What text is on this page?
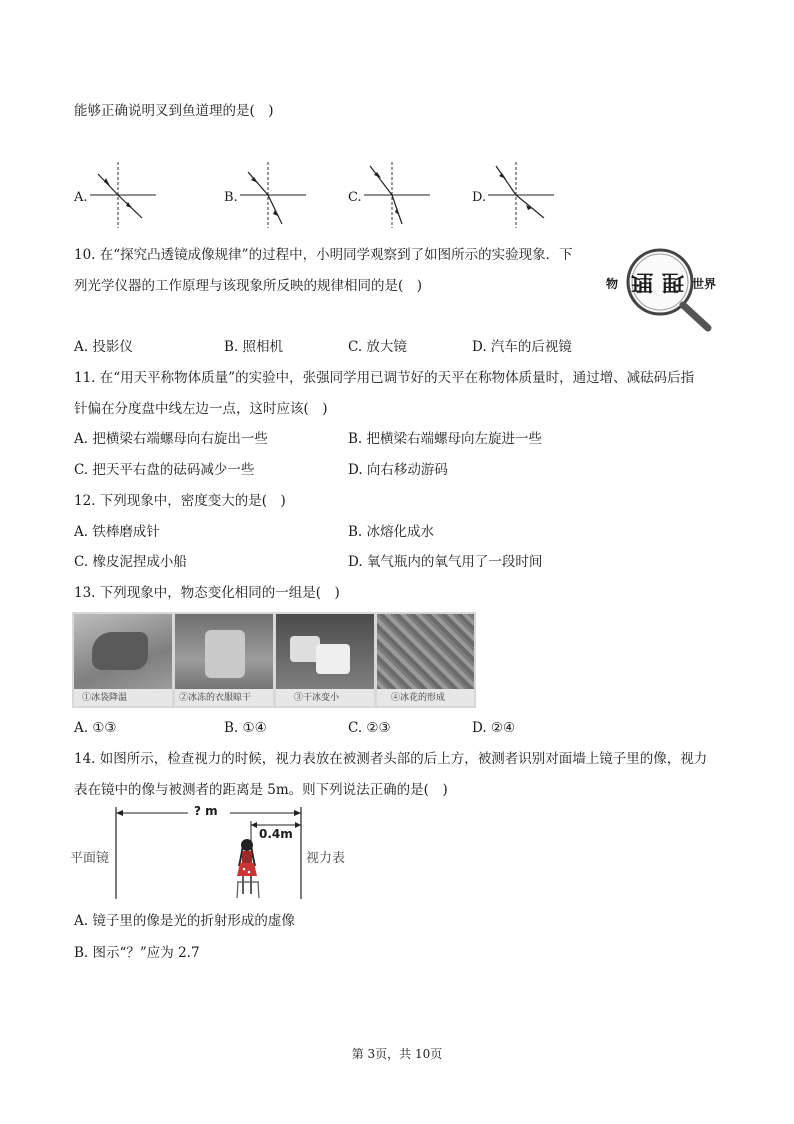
能够正确说明叉到鱼道理的是(　)
A.	B.	C.	D.
10. 在“探究凸透镜成像规律”的过程中，小明同学观察到了如图所示的实验现象．下
列光学仪器的工作原理与该现象所反映的规律相同的是(　)	物 理 理 世界
A. 投影仪	B. 照相机	C. 放大镜	D. 汽车的后视镜
11. 在“用天平称物体质量”的实验中，张强同学用已调节好的天平在称物体质量时，通过增、减砝码后指
针偏在分度盘中线左边一点，这时应该(　)
A. 把横梁右端螺母向右旋出一些	B. 把横梁右端螺母向左旋进一些
C. 把天平右盘的砝码减少一些	D. 向右移动游码
12. 下列现象中，密度变大的是(　)
A. 铁棒磨成针	B. 冰熔化成水
C. 橡皮泥捏成小船	D. 氧气瓶内的氧气用了一段时间
13. 下列现象中，物态变化相同的一组是(　)
①冰袋降温	②冰冻的衣服晾干	③干冰变小	④冰花的形成
A. ①③	B. ①④	C. ②③	D. ②④
14. 如图所示，检查视力的时候，视力表放在被测者头部的后上方，被测者识别对面墙上镜子里的像，视力
表在镜中的像与被测者的距离是 5m。则下列说法正确的是(　)
? m
0.4m
平面镜	视力表
A. 镜子里的像是光的折射形成的虚像
B. 图示“？”应为 2.7
第 3页，共 10页
